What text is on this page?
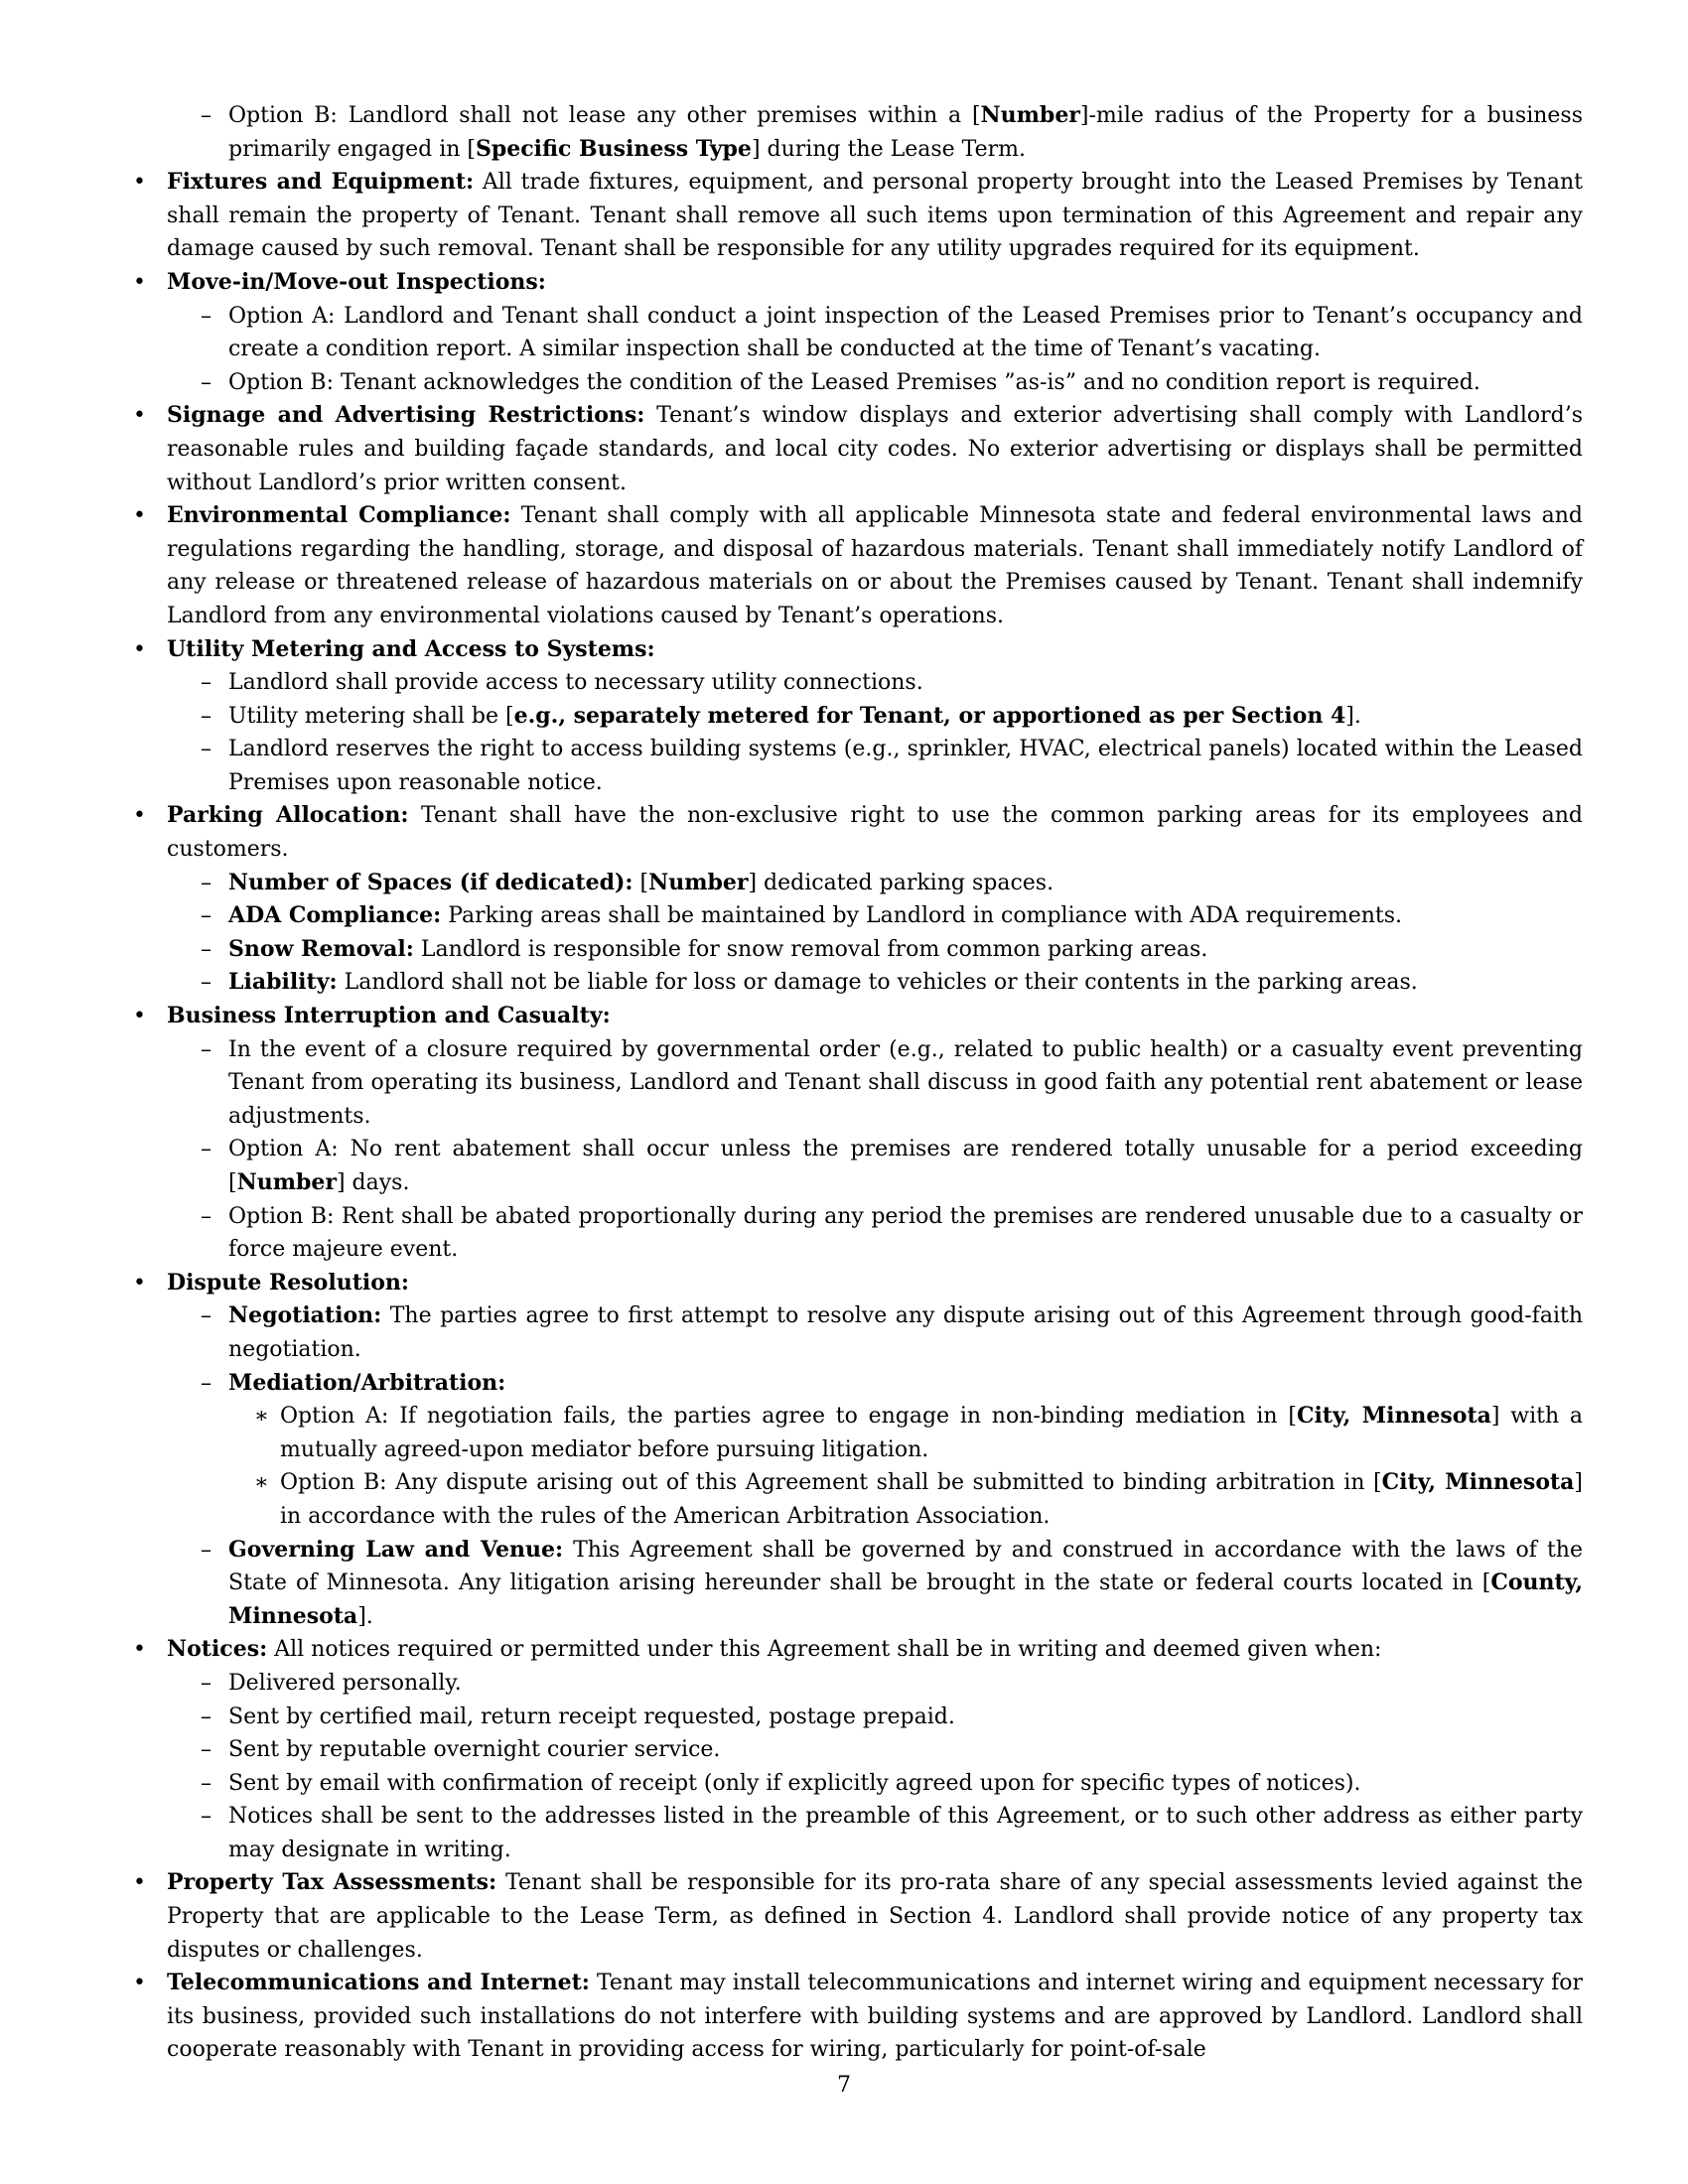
– Option B: Landlord shall not lease any other premises within a [Number]-mile radius of the Property for a business primarily engaged in [Specific Business Type] during the Lease Term.
• Fixtures and Equipment: All trade fixtures, equipment, and personal property brought into the Leased Premises by Tenant shall remain the property of Tenant. Tenant shall remove all such items upon termination of this Agreement and repair any damage caused by such removal. Tenant shall be responsible for any utility upgrades required for its equipment.
• Move-in/Move-out Inspections:
– Option A: Landlord and Tenant shall conduct a joint inspection of the Leased Premises prior to Tenant’s occupancy and create a condition report. A similar inspection shall be conducted at the time of Tenant’s vacating.
– Option B: Tenant acknowledges the condition of the Leased Premises ”as-is” and no condition report is required.
• Signage and Advertising Restrictions: Tenant’s window displays and exterior advertising shall comply with Landlord’s reasonable rules and building façade standards, and local city codes. No exterior advertising or displays shall be permitted without Landlord’s prior written consent.
• Environmental Compliance: Tenant shall comply with all applicable Minnesota state and federal environmental laws and regulations regarding the handling, storage, and disposal of hazardous materials. Tenant shall immediately notify Landlord of any release or threatened release of hazardous materials on or about the Premises caused by Tenant. Tenant shall indemnify Landlord from any environmental violations caused by Tenant’s operations.
• Utility Metering and Access to Systems:
– Landlord shall provide access to necessary utility connections.
– Utility metering shall be [e.g., separately metered for Tenant, or apportioned as per Section 4].
– Landlord reserves the right to access building systems (e.g., sprinkler, HVAC, electrical panels) located within the Leased Premises upon reasonable notice.
• Parking Allocation: Tenant shall have the non-exclusive right to use the common parking areas for its employees and customers.
– Number of Spaces (if dedicated): [Number] dedicated parking spaces.
– ADA Compliance: Parking areas shall be maintained by Landlord in compliance with ADA requirements.
– Snow Removal: Landlord is responsible for snow removal from common parking areas.
– Liability: Landlord shall not be liable for loss or damage to vehicles or their contents in the parking areas.
• Business Interruption and Casualty:
– In the event of a closure required by governmental order (e.g., related to public health) or a casualty event preventing Tenant from operating its business, Landlord and Tenant shall discuss in good faith any potential rent abatement or lease adjustments.
– Option A: No rent abatement shall occur unless the premises are rendered totally unusable for a period exceeding [Number] days.
– Option B: Rent shall be abated proportionally during any period the premises are rendered unusable due to a casualty or force majeure event.
• Dispute Resolution:
– Negotiation: The parties agree to first attempt to resolve any dispute arising out of this Agreement through good-faith negotiation.
– Mediation/Arbitration:
∗ Option A: If negotiation fails, the parties agree to engage in non-binding mediation in [City, Minnesota] with a mutually agreed-upon mediator before pursuing litigation.
∗ Option B: Any dispute arising out of this Agreement shall be submitted to binding arbitration in [City, Minnesota] in accordance with the rules of the American Arbitration Association.
– Governing Law and Venue: This Agreement shall be governed by and construed in accordance with the laws of the State of Minnesota. Any litigation arising hereunder shall be brought in the state or federal courts located in [County, Minnesota].
• Notices: All notices required or permitted under this Agreement shall be in writing and deemed given when:
– Delivered personally.
– Sent by certified mail, return receipt requested, postage prepaid.
– Sent by reputable overnight courier service.
– Sent by email with confirmation of receipt (only if explicitly agreed upon for specific types of notices).
– Notices shall be sent to the addresses listed in the preamble of this Agreement, or to such other address as either party may designate in writing.
• Property Tax Assessments: Tenant shall be responsible for its pro-rata share of any special assessments levied against the Property that are applicable to the Lease Term, as defined in Section 4. Landlord shall provide notice of any property tax disputes or challenges.
• Telecommunications and Internet: Tenant may install telecommunications and internet wiring and equipment necessary for its business, provided such installations do not interfere with building systems and are approved by Landlord. Landlord shall cooperate reasonably with Tenant in providing access for wiring, particularly for point-of-sale
7
